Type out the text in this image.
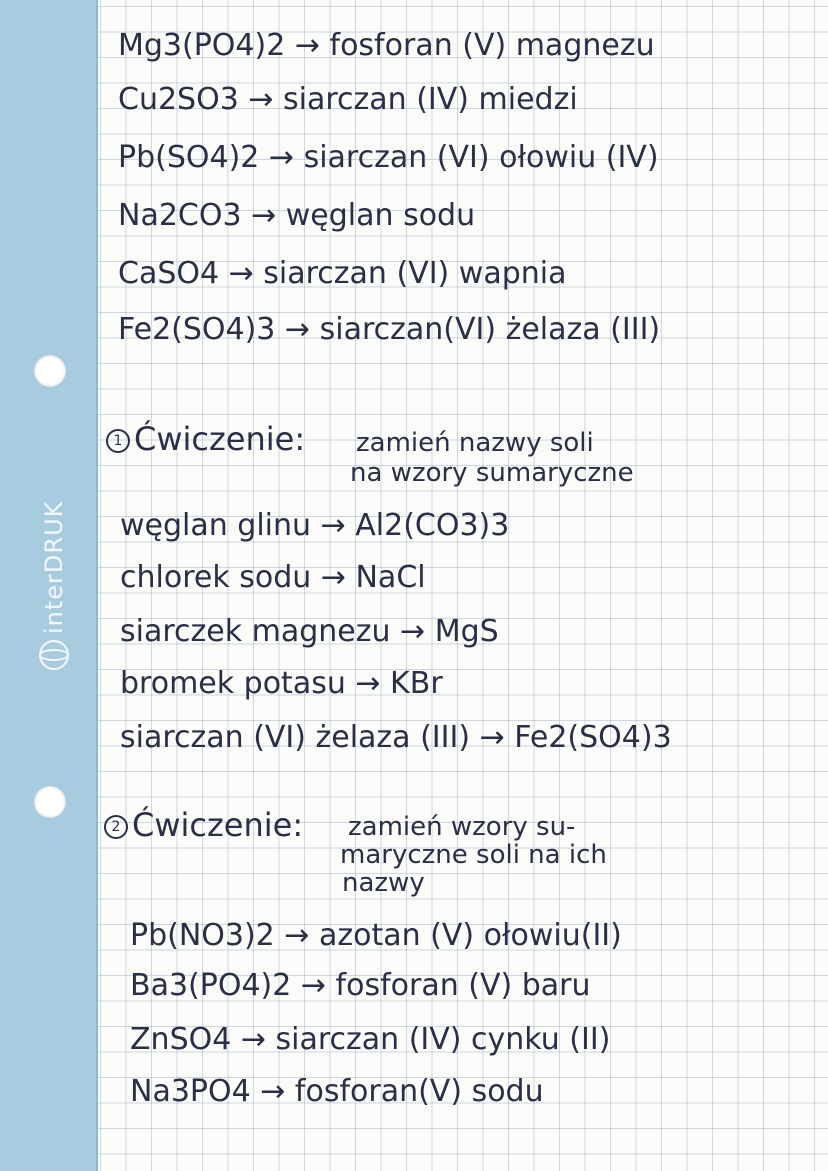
interDRUK
Mg3(PO4)2 → fosforan (V) magnezu
Cu2SO3 → siarczan (IV) miedzi
Pb(SO4)2 → siarczan (VI) ołowiu (IV)
Na2CO3 → węglan sodu
CaSO4 → siarczan (VI) wapnia
Fe2(SO4)3 → siarczan(VI) żelaza (III)
1 Ćwiczenie: zamień nazwy soli
na wzory sumaryczne
węglan glinu → Al2(CO3)3
chlorek sodu → NaCl
siarczek magnezu → MgS
bromek potasu → KBr
siarczan (VI) żelaza (III) → Fe2(SO4)3
2 Ćwiczenie: zamień wzory su-
maryczne soli na ich
nazwy
Pb(NO3)2 → azotan (V) ołowiu(II)
Ba3(PO4)2 → fosforan (V) baru
ZnSO4 → siarczan (IV) cynku (II)
Na3PO4 → fosforan(V) sodu
